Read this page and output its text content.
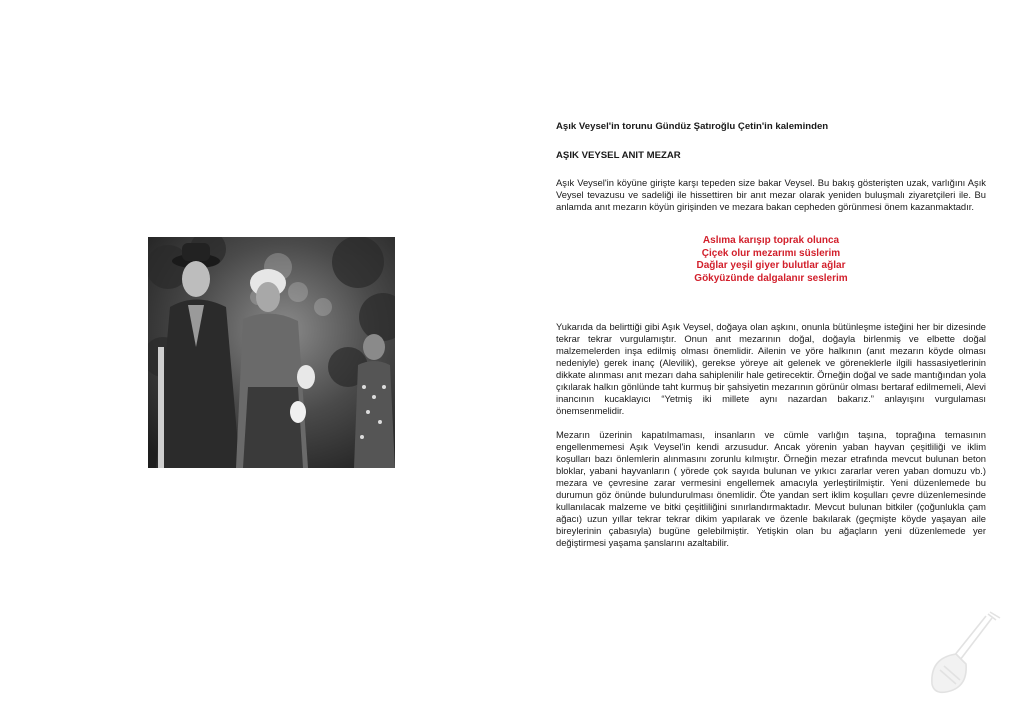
Aşık Veysel'in torunu Gündüz Şatıroğlu Çetin'in kaleminden
AŞIK VEYSEL ANIT MEZAR

Aşık Veysel'in köyüne girişte karşı tepeden size bakar Veysel. Bu bakış gösterişten uzak, varlığını Aşık Veysel tevazusu ve sadeliği ile hissettiren bir anıt mezar olarak yeniden buluşmalı ziyaretçileri ile. Bu anlamda anıt mezarın köyün girişinden ve mezara bakan cepheden görünmesi önem kazanmaktadır.

Aslıma karışıp toprak olunca
Çiçek olur mezarımı süslerim
Dağlar yeşil giyer bulutlar ağlar
Gökyüzünde dalgalanır seslerim

Yukarıda da belirttiği gibi Aşık Veysel, doğaya olan aşkını, onunla bütünleşme isteğini her bir dizesinde tekrar tekrar vurgulamıştır. Onun anıt mezarının doğal, doğayla birlenmiş ve elbette doğal malzemelerden inşa edilmiş olması önemlidir. Ailenin ve yöre halkının (anıt mezarın köyde olması nedeniyle) gerek inanç (Alevilik), gerekse yöreye ait gelenek ve göreneklerle ilgili hassasiyetlerinin dikkate alınması anıt mezarı daha sahiplenilir hale getirecektir. Örneğin doğal ve sade mantığından yola çıkılarak halkın gönlünde taht kurmuş bir şahsiyetin mezarının görünür olması bertaraf edilmemeli, Alevi inancının kucaklayıcı “Yetmiş iki millete aynı nazardan bakarız.” anlayışını vurgulaması önemsenmelidir.

Mezarın üzerinin kapatılmaması, insanların ve cümle varlığın taşına, toprağına temasının engellenmemesi Aşık Veysel'in kendi arzusudur. Ancak yörenin yaban hayvan çeşitliliği ve iklim koşulları bazı önlemlerin alınmasını zorunlu kılmıştır. Örneğin mezar etrafında mevcut bulunan beton bloklar, yabani hayvanların ( yörede çok sayıda bulunan ve yıkıcı zararlar veren yaban domuzu vb.) mezara ve çevresine zarar vermesini engellemek amacıyla yerleştirilmiştir. Yeni düzenlemede bu durumun göz önünde bulundurulması önemlidir. Öte yandan sert iklim koşulları çevre düzenlemesinde kullanılacak malzeme ve bitki çeşitliliğini sınırlandırmaktadır. Mevcut bulunan bitkiler (çoğunlukla çam ağacı) uzun yıllar tekrar tekrar dikim yapılarak ve özenle bakılarak (geçmişte köyde yaşayan aile bireylerinin çabasıyla) bugüne gelebilmiştir. Yetişkin olan bu ağaçların yeni düzenlemede yer değiştirmesi yaşama şanslarını azaltabilir.
